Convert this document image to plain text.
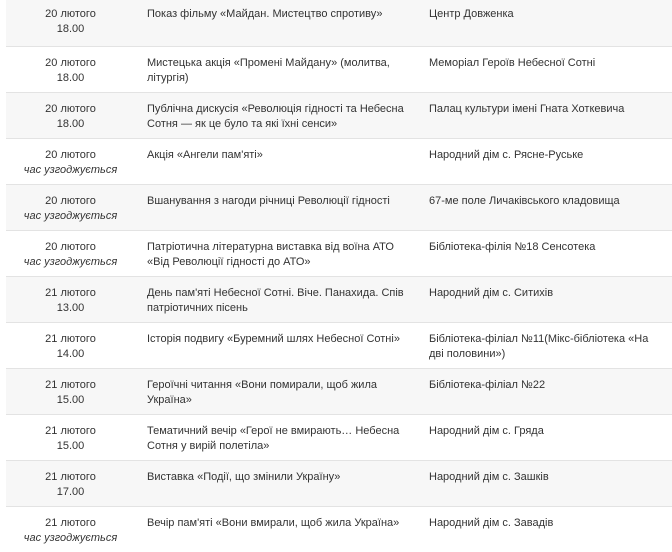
20 лютого
18.00	Показ фільму «Майдан. Мистецтво спротиву»	Центр Довженка

20 лютого
18.00	Мистецька акція «Промені Майдану» (молитва, літургія)	Меморіал Героїв Небесної Сотні

20 лютого
18.00	Публічна дискусія «Революція гідності та Небесна Сотня — як це було та які їхні сенси»	Палац культури імені Гната Хоткевича

20 лютого
час узгоджується	Акція «Ангели пам'яті»	Народний дім с. Рясне-Руське

20 лютого
час узгоджується	Вшанування з нагоди річниці Революції гідності	67-ме поле Личаківського кладовища

20 лютого
час узгоджується	Патріотична літературна виставка від воїна АТО «Від Революції гідності до АТО»	Бібліотека-філія №18 Сенсотека

21 лютого
13.00	День пам'яті Небесної Сотні. Віче. Панахида. Спів патріотичних пісень	Народний дім с. Ситихів

21 лютого
14.00	Історія подвигу «Буремний шлях Небесної Сотні»	Бібліотека-філіал №11(Мікс-бібліотека «На дві половини»)

21 лютого
15.00	Героїчні читання «Вони помирали, щоб жила Україна»	Бібліотека-філіал №22

21 лютого
15.00	Тематичний вечір «Герої не вмирають… Небесна Сотня у вирій полетіла»	Народний дім с. Гряда

21 лютого
17.00	Виставка «Події, що змінили Україну»	Народний дім с. Зашків

21 лютого
час узгоджується	Вечір пам'яті «Вони вмирали, щоб жила Україна»	Народний дім с. Завадів
